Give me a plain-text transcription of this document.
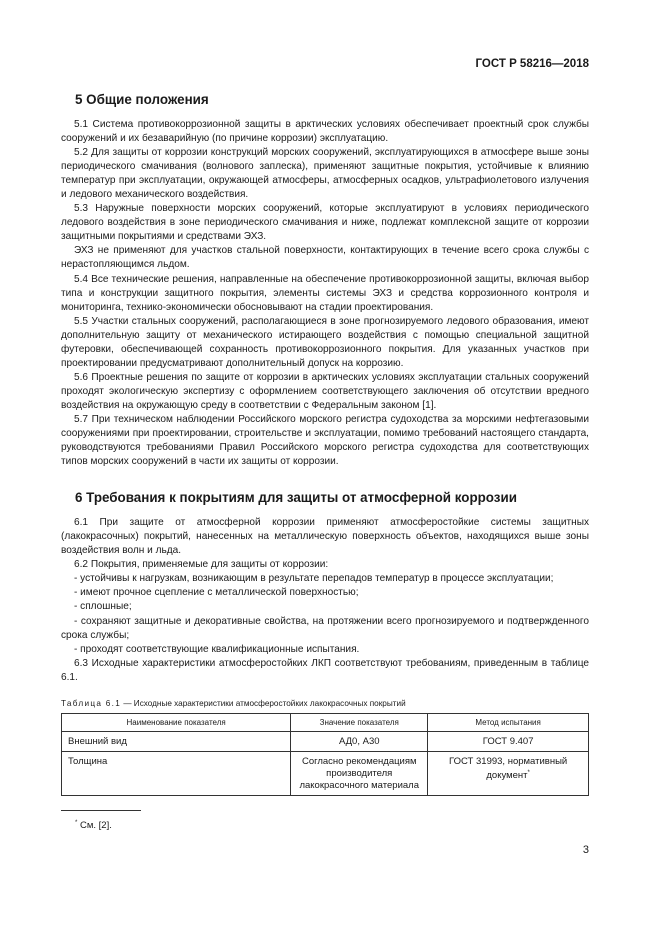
ГОСТ Р 58216—2018
5 Общие положения

5.1 Система противокоррозионной защиты в арктических условиях обеспечивает проектный срок службы сооружений и их безаварийную (по причине коррозии) эксплуатацию.

5.2 Для защиты от коррозии конструкций морских сооружений, эксплуатирующихся в атмосфере выше зоны периодического смачивания (волнового заплеска), применяют защитные покрытия, устойчивые к влиянию температур при эксплуатации, окружающей атмосферы, атмосферных осадков, ультрафиолетового излучения и ледового механического воздействия.

5.3 Наружные поверхности морских сооружений, которые эксплуатируют в условиях периодического ледового воздействия в зоне периодического смачивания и ниже, подлежат комплексной защите от коррозии защитными покрытиями и средствами ЭХЗ.

ЭХЗ не применяют для участков стальной поверхности, контактирующих в течение всего срока службы с нерастопляющимся льдом.

5.4 Все технические решения, направленные на обеспечение противокоррозионной защиты, включая выбор типа и конструкции защитного покрытия, элементы системы ЭХЗ и средства коррозионного контроля и мониторинга, технико-экономически обосновывают на стадии проектирования.

5.5 Участки стальных сооружений, располагающиеся в зоне прогнозируемого ледового образования, имеют дополнительную защиту от механического истирающего воздействия с помощью специальной защитной футеровки, обеспечивающей сохранность противокоррозионного покрытия. Для указанных участков при проектировании предусматривают дополнительный допуск на коррозию.

5.6 Проектные решения по защите от коррозии в арктических условиях эксплуатации стальных сооружений проходят экологическую экспертизу с оформлением соответствующего заключения об отсутствии вредного воздействия на окружающую среду в соответствии с Федеральным законом [1].

5.7 При техническом наблюдении Российского морского регистра судоходства за морскими нефтегазовыми сооружениями при проектировании, строительстве и эксплуатации, помимо требований настоящего стандарта, руководствуются требованиями Правил Российского морского регистра судоходства для соответствующих типов морских сооружений в части их защиты от коррозии.

6 Требования к покрытиям для защиты от атмосферной коррозии

6.1 При защите от атмосферной коррозии применяют атмосферостойкие системы защитных (лакокрасочных) покрытий, нанесенных на металлическую поверхность объектов, находящихся выше зоны воздействия волн и льда.

6.2 Покрытия, применяемые для защиты от коррозии:

- устойчивы к нагрузкам, возникающим в результате перепадов температур в процессе эксплуатации;

- имеют прочное сцепление с металлической поверхностью;

- сплошные;

- сохраняют защитные и декоративные свойства, на протяжении всего прогнозируемого и подтвержденного срока службы;

- проходят соответствующие квалификационные испытания.

6.3 Исходные характеристики атмосферостойких ЛКП соответствуют требованиям, приведенным в таблице 6.1.

Таблица 6.1 — Исходные характеристики атмосферостойких лакокрасочных покрытий
Наименование показателя	Значение показателя	Метод испытания
Внешний вид	АД0, А30	ГОСТ 9.407
Толщина	Согласно рекомендациям производителя лакокрасочного материала	ГОСТ 31993, нормативный документ*
* См. [2].
3
